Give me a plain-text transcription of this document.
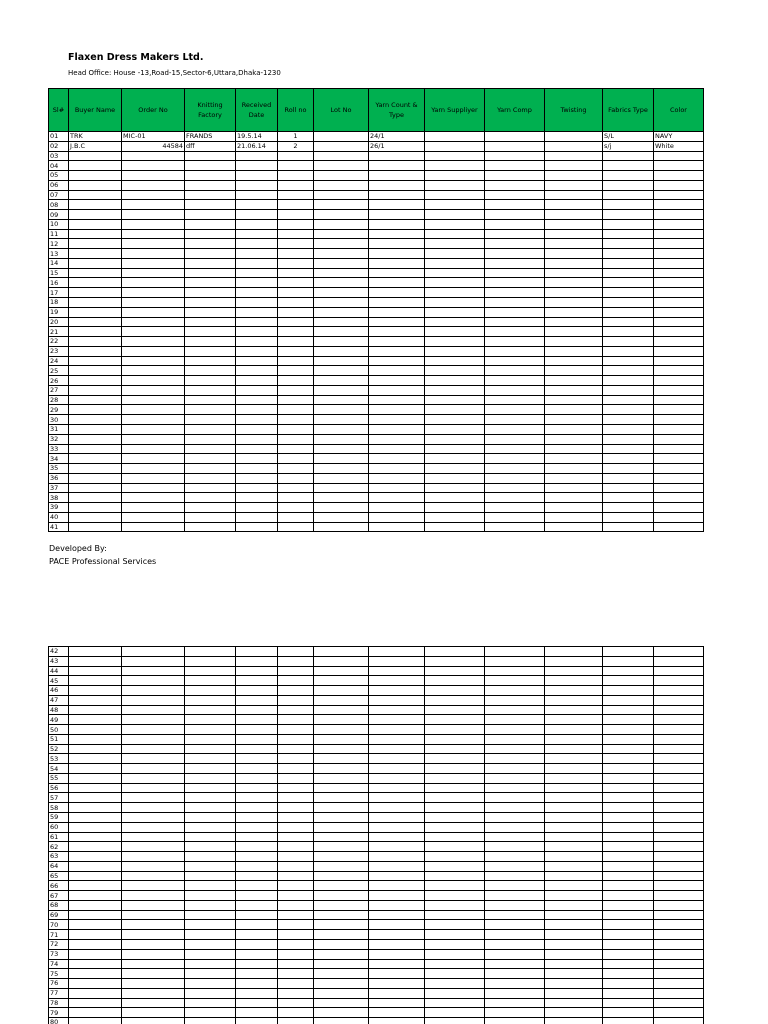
Flaxen Dress Makers Ltd.
Head Office: House -13,Road-15,Sector-6,Uttara,Dhaka-1230
Sl#	Buyer Name	Order No	Knitting Factory	Received Date	Roll no	Lot No	Yarn Count & Type	Yarn Suppliyer	Yarn Comp	Twisting	Fabrics Type	Color
01	TRK	MIC-01	FRANDS	19.5.14	1		24/1				S/L	NAVY
02	J.B.C	44584	dff	21.06.14	2		26/1				s/j	White
03												
04												
05												
06												
07												
08												
09												
10												
11												
12												
13												
14												
15												
16												
17												
18												
19												
20												
21												
22												
23												
24												
25												
26												
27												
28												
29												
30												
31												
32												
33												
34												
35												
36												
37												
38												
39												
40												
41												
Developed By:
PACE Professional Services
42												
43												
44												
45												
46												
47												
48												
49												
50												
51												
52												
53												
54												
55												
56												
57												
58												
59												
60												
61												
62												
63												
64												
65												
66												
67												
68												
69												
70												
71												
72												
73												
74												
75												
76												
77												
78												
79												
80												
